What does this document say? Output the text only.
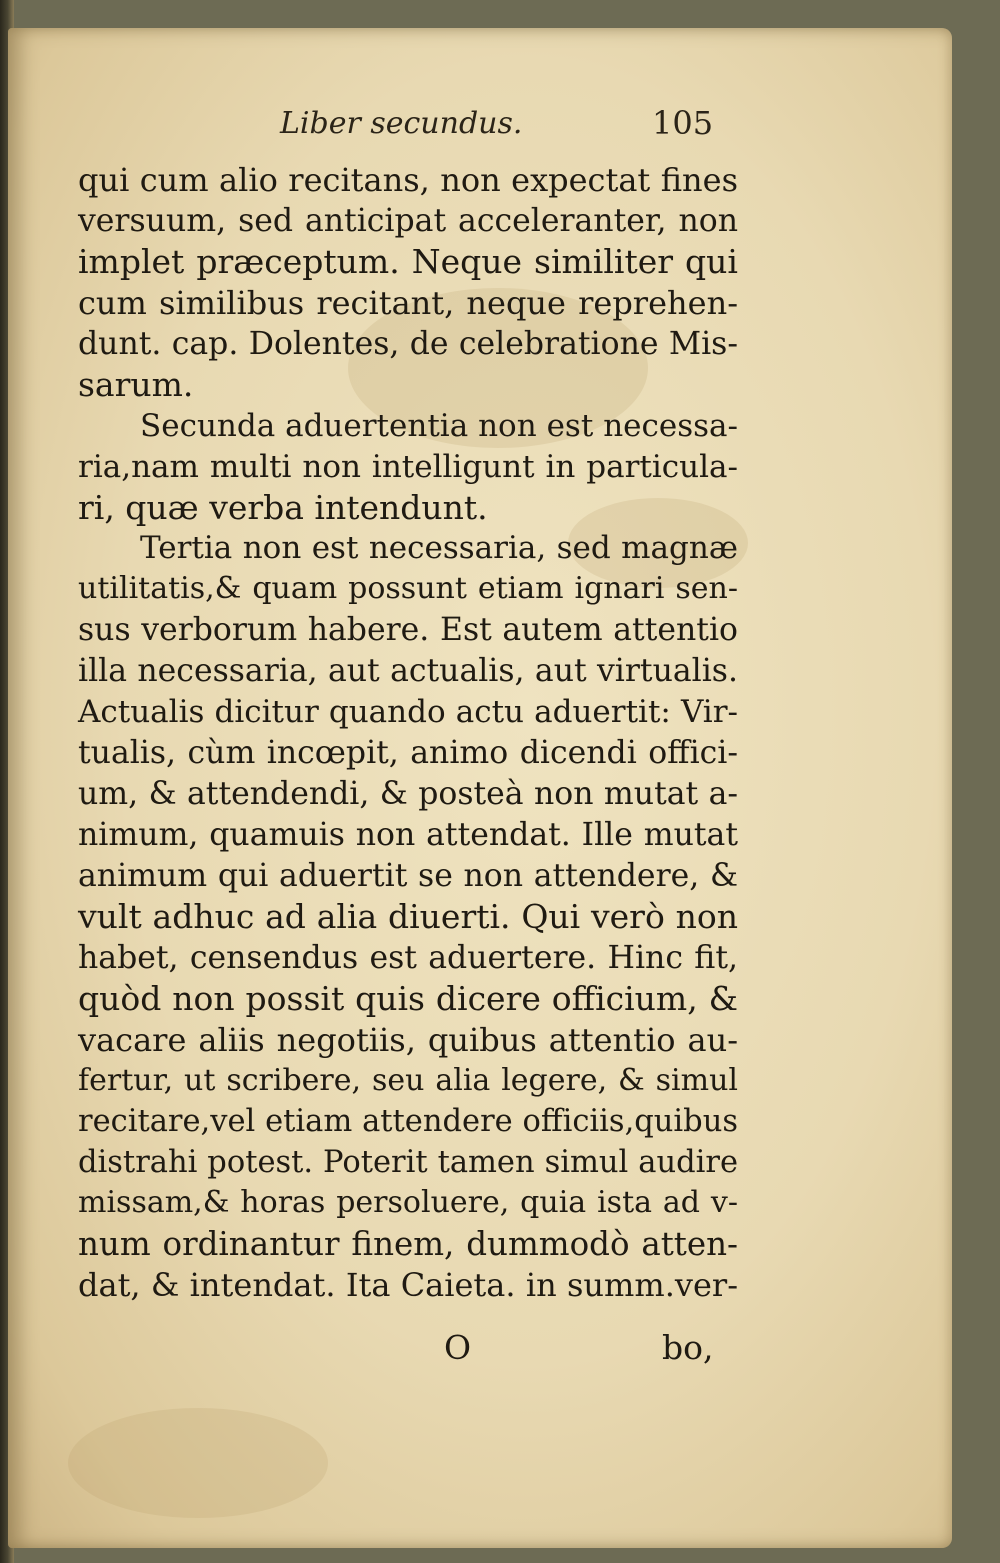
Liber secundus.	105
qui cum alio recitans, non expectat fines
versuum, sed anticipat acceleranter, non
implet præceptum. Neque similiter qui
cum similibus recitant, neque reprehen-
dunt. cap. Dolentes, de celebratione Mis-
sarum.
Secunda aduertentia non est necessa-
ria,nam multi non intelligunt in particula-
ri, quæ verba intendunt.
Tertia non est necessaria, sed magnæ
utilitatis,& quam possunt etiam ignari sen-
sus verborum habere. Est autem attentio
illa necessaria, aut actualis, aut virtualis.
Actualis dicitur quando actu aduertit: Vir-
tualis, cùm incœpit, animo dicendi offici-
um, & attendendi, & posteà non mutat a-
nimum, quamuis non attendat. Ille mutat
animum qui aduertit se non attendere, &
vult adhuc ad alia diuerti. Qui verò non
habet, censendus est aduertere. Hinc fit,
quòd non possit quis dicere officium, &
vacare aliis negotiis, quibus attentio au-
fertur, ut scribere, seu alia legere, & simul
recitare,vel etiam attendere officiis,quibus
distrahi potest. Poterit tamen simul audire
missam,& horas persoluere, quia ista ad v-
num ordinantur finem, dummodò atten-
dat, & intendat. Ita Caieta. in summ.ver-
O	bo,
